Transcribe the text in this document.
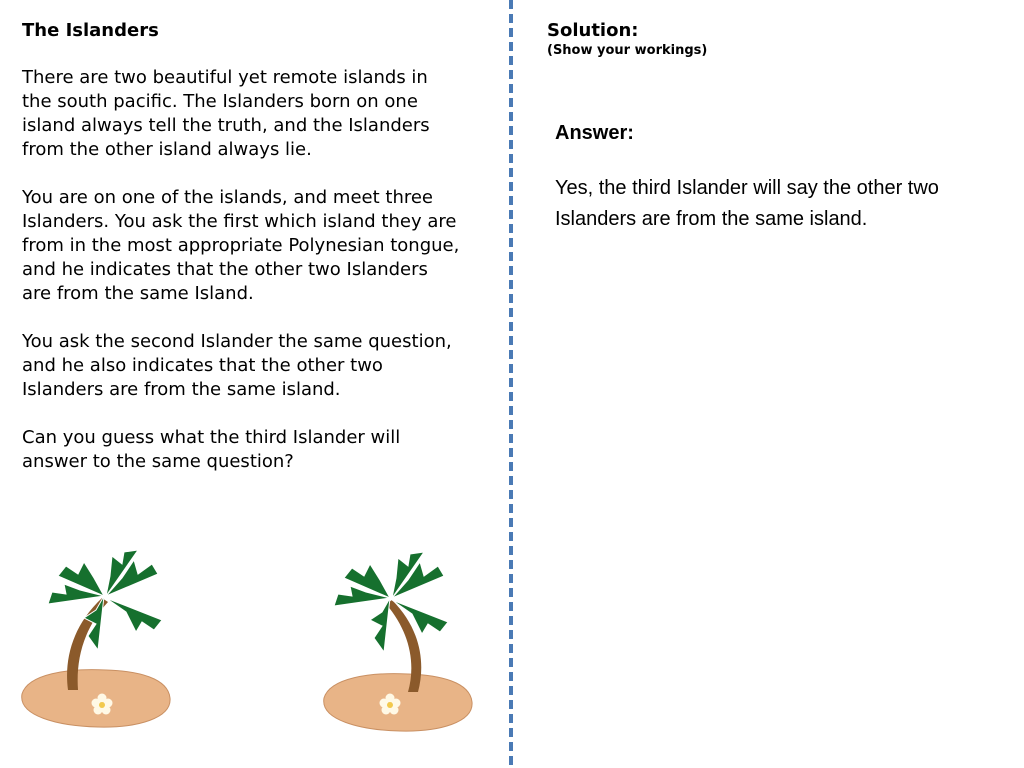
The Islanders

There are two beautiful yet remote islands in the south pacific. The Islanders born on one island always tell the truth, and the Islanders from the other island always lie.

You are on one of the islands, and meet three Islanders. You ask the first which island they are from in the most appropriate Polynesian tongue, and he indicates that the other two Islanders are from the same Island.

You ask the second Islander the same question, and he also indicates that the other two Islanders are from the same island.

Can you guess what the third Islander will answer to the same question?

Solution:
(Show your workings)

Answer:

Yes, the third Islander will say the other two Islanders are from the same island.
